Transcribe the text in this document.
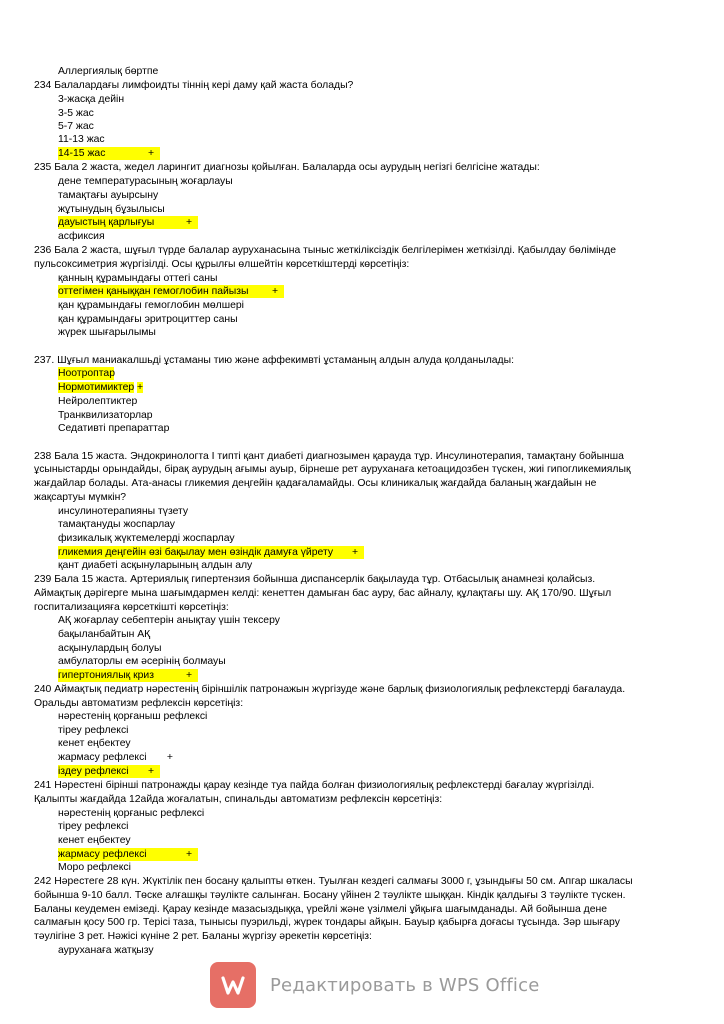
Аллергиялық бөртпе
234 Балалардағы лимфоидты тіннің кері даму қай жаста болады?
3-жасқа дейін
3-5 жас
5-7 жас
11-13 жас
14-15 жас	+
235 Бала 2 жаста, жедел ларингит диагнозы қойылған. Балаларда осы аурудың негізгі белгісіне жатады:
дене температурасының жоғарлауы
тамақтағы ауырсыну
жұтынудың бұзылысы
дауыстың қарлығуы	+
асфиксия
236 Бала 2 жаста, шұғыл түрде балалар ауруханасына тыныс жеткіліксіздік белгілерімен жеткізілді. Қабылдау бөлімінде
пульсоксиметрия жүргізілді. Осы құрылғы өлшейтін көрсеткіштерді көрсетіңіз:
қанның құрамындағы оттегі саны
оттегімен қаныққан гемоглобин пайызы +
қан құрамындағы гемоглобин мөлшері
қан құрамындағы эритроциттер саны
жүрек шығарылымы
237. Шұғыл маниакалшьді ұстаманы тию және аффекимвті ұстаманың алдын алуда қолданылады:
Ноотроптар
Нормотимиктер +
Нейролептиктер
Транквилизаторлар
Седативті препараттар
238 Бала 15 жаста. Эндокринологта I типті қант диабеті диагнозымен қарауда тұр. Инсулинотерапия, тамақтану бойынша
ұсыныстарды орындайды, бірақ аурудың ағымы ауыр, бірнеше рет ауруханаға кетоацидозбен түскен, жиі гипогликемиялық
жағдайлар болады. Ата-анасы гликемия деңгейін қадағаламайды. Осы клиникалық жағдайда баланың жағдайын не
жақсартуы мүмкін?
инсулинотерапияны түзету
тамақтануды жоспарлау
физикалық жүктемелерді жоспарлау
гликемия деңгейін өзі бақылау мен өзіндік дамуға үйрету +
қант диабеті асқынуларының алдын алу
239 Бала 15 жаста. Артериялық гипертензия бойынша диспансерлік бақылауда тұр. Отбасылық анамнезі қолайсыз.
Аймақтық дәрігерге мына шағымдармен келді: кенеттен дамыған бас ауру, бас айналу, құлақтағы шу. АҚ 170/90. Шұғыл
госпитализацияға көрсеткішті көрсетіңіз:
АҚ жоғарлау себептерін анықтау үшін тексеру
бақыланбайтын АҚ
асқынулардың болуы
амбулаторлы ем әсерінің болмауы
гипертониялық криз	+
240 Аймақтық педиатр нәрестенің біріншілік патронажын жүргізуде және барлық физиологиялық рефлекстерді бағалауда.
Оральды автоматизм рефлексін көрсетіңіз:
нәрестенің қорғаныш рефлексі
тіреу рефлексі
кенет еңбектеу
жармасу рефлексі +
іздеу рефлексі +
241 Нәрестені бірінші патронажды қарау кезінде туа пайда болған физиологиялық рефлекстерді бағалау жүргізілді.
Қалыпты жағдайда 12айда жоғалатын, спинальды автоматизм рефлексін көрсетіңіз:
нәрестенің қорғаныс рефлексі
тіреу рефлексі
кенет еңбектеу
жармасу рефлексі	+
Моро рефлексі
242 Нәрестеге 28 күн. Жүктілік пен босану қалыпты өткен. Туылған кездегі салмағы 3000 г, ұзындығы 50 см. Апгар шкаласы
бойынша 9-10 балл. Төске алғашқы тәулікте салынған. Босану үйінен 2 тәулікте шыққан. Кіндік қалдығы 3 тәулікте түскен.
Баланы кеудемен емізеді. Қарау кезінде мазасыздыққа, үрейлі және үзілмелі ұйқыға шағымданады. Ай бойынша дене
салмағын қосу 500 гр. Терісі таза, тынысы пуэрильді, жүрек тондары айқын. Бауыр қабырға доғасы тұсында. Зәр шығару
тәулігіне 3 рет. Нәжісі күніне 2 рет. Баланы жүргізу әрекетін көрсетіңіз:
ауруханаға жатқызу
Редактировать в WPS Office
